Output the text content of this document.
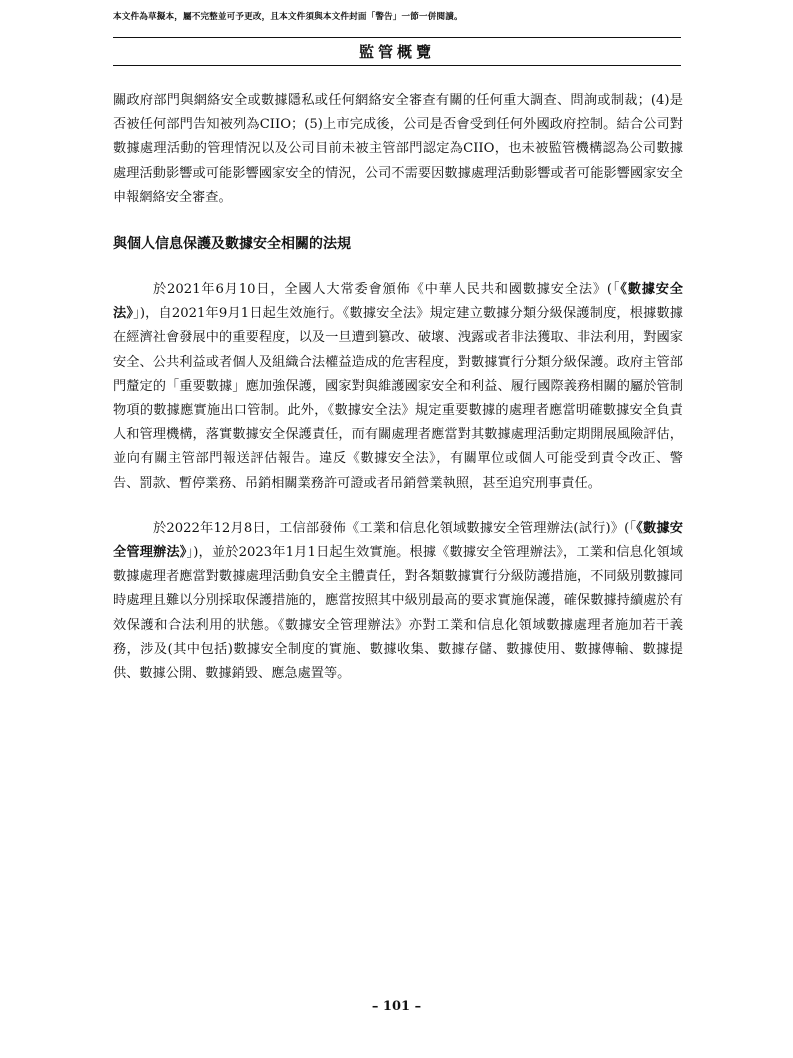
本文件為草擬本，屬不完整並可予更改，且本文件須與本文件封面「警告」一節一併閱讀。
監管概覽

關政府部門與網絡安全或數據隱私或任何網絡安全審查有關的任何重大調查、問詢或制裁；(4)是否被任何部門告知被列為CIIO；(5)上市完成後，公司是否會受到任何外國政府控制。結合公司對數據處理活動的管理情況以及公司目前未被主管部門認定為CIIO，也未被監管機構認為公司數據處理活動影響或可能影響國家安全的情況，公司不需要因數據處理活動影響或者可能影響國家安全申報網絡安全審查。

與個人信息保護及數據安全相關的法規

於2021年6月10日，全國人大常委會頒佈《中華人民共和國數據安全法》(「《數據安全法》」)，自2021年9月1日起生效施行。《數據安全法》規定建立數據分類分級保護制度，根據數據在經濟社會發展中的重要程度，以及一旦遭到篡改、破壞、洩露或者非法獲取、非法利用，對國家安全、公共利益或者個人及組織合法權益造成的危害程度，對數據實行分類分級保護。政府主管部門釐定的「重要數據」應加強保護，國家對與維護國家安全和利益、履行國際義務相關的屬於管制物項的數據應實施出口管制。此外，《數據安全法》規定重要數據的處理者應當明確數據安全負責人和管理機構，落實數據安全保護責任，而有關處理者應當對其數據處理活動定期開展風險評估，並向有關主管部門報送評估報告。違反《數據安全法》，有關單位或個人可能受到責令改正、警告、罰款、暫停業務、吊銷相關業務許可證或者吊銷營業執照，甚至追究刑事責任。

於2022年12月8日，工信部發佈《工業和信息化領域數據安全管理辦法(試行)》(「《數據安全管理辦法》」)，並於2023年1月1日起生效實施。根據《數據安全管理辦法》，工業和信息化領域數據處理者應當對數據處理活動負安全主體責任，對各類數據實行分級防護措施，不同級別數據同時處理且難以分別採取保護措施的，應當按照其中級別最高的要求實施保護，確保數據持續處於有效保護和合法利用的狀態。《數據安全管理辦法》亦對工業和信息化領域數據處理者施加若干義務，涉及(其中包括)數據安全制度的實施、數據收集、數據存儲、數據使用、數據傳輸、數據提供、數據公開、數據銷毀、應急處置等。

– 101 –
